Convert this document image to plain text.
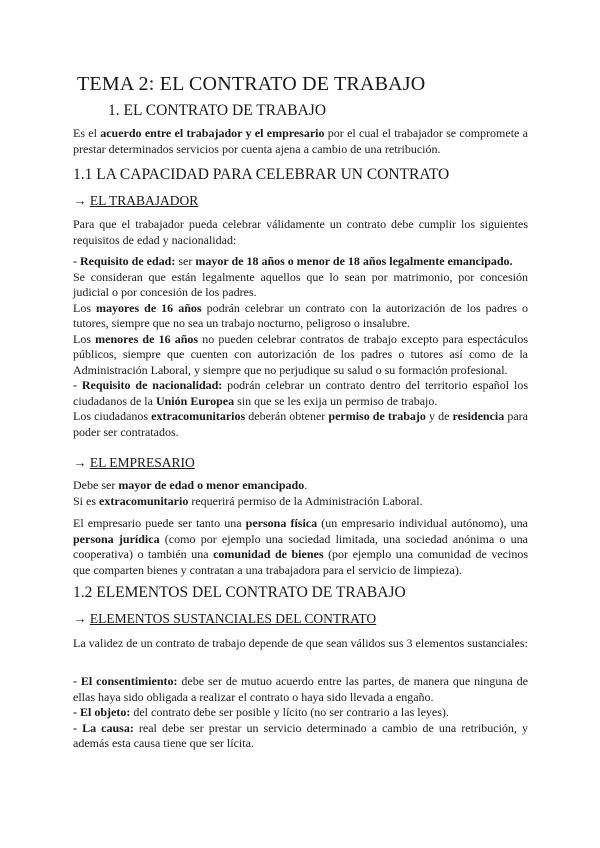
TEMA 2: EL CONTRATO DE TRABAJO
1. EL CONTRATO DE TRABAJO

Es el acuerdo entre el trabajador y el empresario por el cual el trabajador se compromete a prestar determinados servicios por cuenta ajena a cambio de una retribución.

1.1 LA CAPACIDAD PARA CELEBRAR UN CONTRATO
→ EL TRABAJADOR

Para que el trabajador pueda celebrar válidamente un contrato debe cumplir los siguientes requisitos de edad y nacionalidad:

- Requisito de edad: ser mayor de 18 años o menor de 18 años legalmente emancipado.

Se consideran que están legalmente aquellos que lo sean por matrimonio, por concesión judicial o por concesión de los padres.

Los mayores de 16 años podrán celebrar un contrato con la autorización de los padres o tutores, siempre que no sea un trabajo nocturno, peligroso o insalubre.

Los menores de 16 años no pueden celebrar contratos de trabajo excepto para espectáculos públicos, siempre que cuenten con autorización de los padres o tutores así como de la Administración Laboral, y siempre que no perjudique su salud o su formación profesional.

- Requisito de nacionalidad: podrán celebrar un contrato dentro del territorio español los ciudadanos de la Unión Europea sin que se les exija un permiso de trabajo.

Los ciudadanos extracomunitarios deberán obtener permiso de trabajo y de residencia para poder ser contratados.

→ EL EMPRESARIO

Debe ser mayor de edad o menor emancipado.

Si es extracomunitario requerirá permiso de la Administración Laboral.

El empresario puede ser tanto una persona física (un empresario individual autónomo), una persona jurídica (como por ejemplo una sociedad limitada, una sociedad anónima o una cooperativa) o también una comunidad de bienes (por ejemplo una comunidad de vecinos que comparten bienes y contratan a una trabajadora para el servicio de limpieza).

1.2 ELEMENTOS DEL CONTRATO DE TRABAJO
→ ELEMENTOS SUSTANCIALES DEL CONTRATO

La validez de un contrato de trabajo depende de que sean válidos sus 3 elementos sustanciales:

- El consentimiento: debe ser de mutuo acuerdo entre las partes, de manera que ninguna de ellas haya sido obligada a realizar el contrato o haya sido llevada a engaño.

- El objeto: del contrato debe ser posible y lícito (no ser contrario a las leyes).

- La causa: real debe ser prestar un servicio determinado a cambio de una retribución, y además esta causa tiene que ser lícita.
